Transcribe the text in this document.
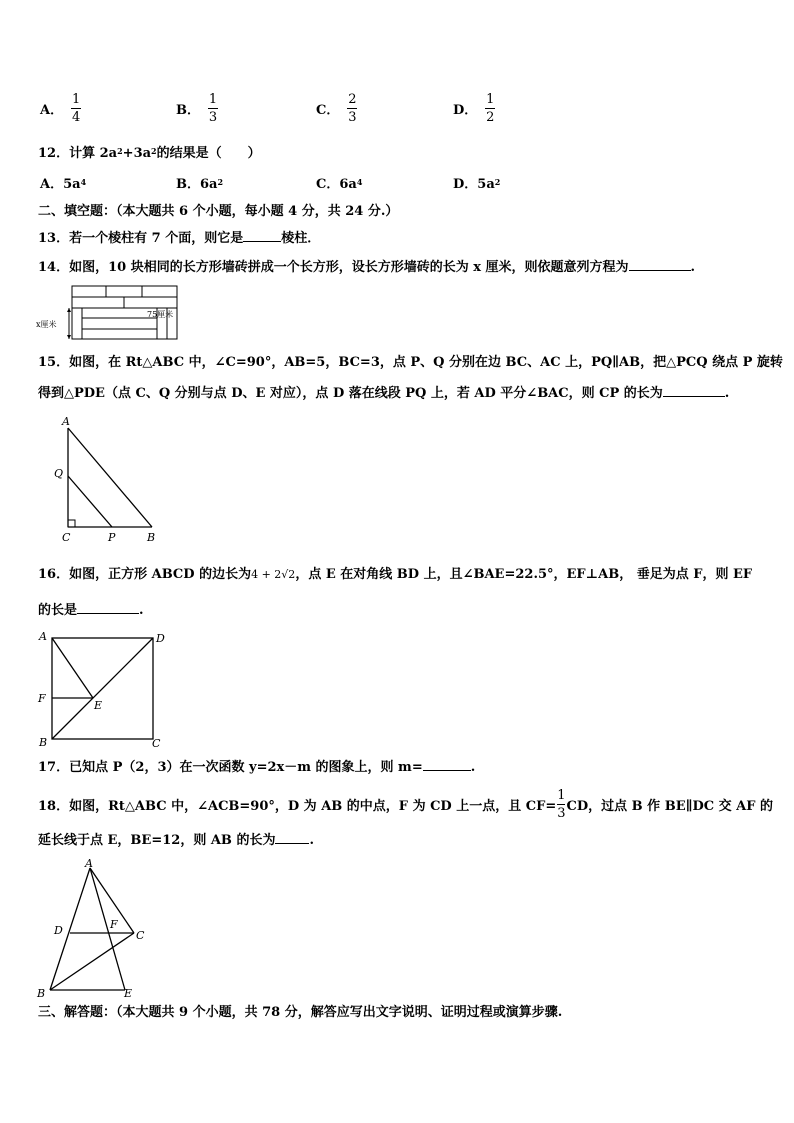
A． $\frac{1}{4}$	B． $\frac{1}{3}$	C． $\frac{2}{3}$	D． $\frac{1}{2}$
12．计算 $2a^2+3a^2$的结果是（　　）
A．$5a^4$	B．$6a^2$	C．$6a^4$	D．$5a^2$
二、填空题：（本大题共 6 个小题，每小题 4 分，共 24 分.）
13．若一个棱柱有 7 个面，则它是	棱柱．
14．如图，10 块相同的长方形墙砖拼成一个长方形，设长方形墙砖的长为 x 厘米，则依题意列方程为	.
x厘米
75厘米
15．如图，在 Rt△ABC 中，∠C=90°，AB=5，BC=3，点 P、Q 分别在边 BC、AC 上，PQ∥AB，把△PCQ 绕点 P 旋转
得到△PDE（点 C、Q 分别与点 D、E 对应），点 D 落在线段 PQ 上，若 AD 平分∠BAC，则 CP 的长为	.
A
Q
C	P	B
16．如图，正方形 ABCD 的边长为4 + 2√2，点 E 在对角线 BD 上，且∠BAE=22.5°，EF⊥AB， 垂足为点 F，则 EF
的长是	.
A	D
F
E
B	C
17．已知点 P（2，3）在一次函数 y=2x－m 的图象上，则 m=	.
18．如图，Rt△ABC 中，∠ACB=90°，D 为 AB 的中点，F 为 CD 上一点，且 $CF= \frac{1}{3}$ CD，过点 B 作 BE∥DC 交 AF 的
延长线于点 E，BE=12，则 AB 的长为	.
A
D	F
C
B	E
三、解答题：（本大题共 9 个小题，共 78 分，解答应写出文字说明、证明过程或演算步骤.
